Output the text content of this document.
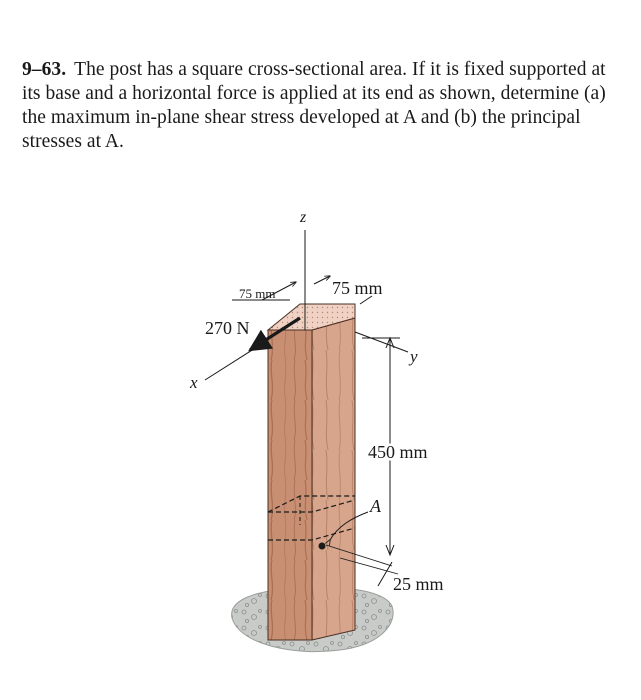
9–63. The post has a square cross-sectional area. If it is fixed supported at its base and a horizontal force is applied at its end as shown, determine (a) the maximum in-plane shear stress developed at A and (b) the principal stresses at A.
z
x
y
75 mm	75 mm
270 N
450 mm
A
25 mm
